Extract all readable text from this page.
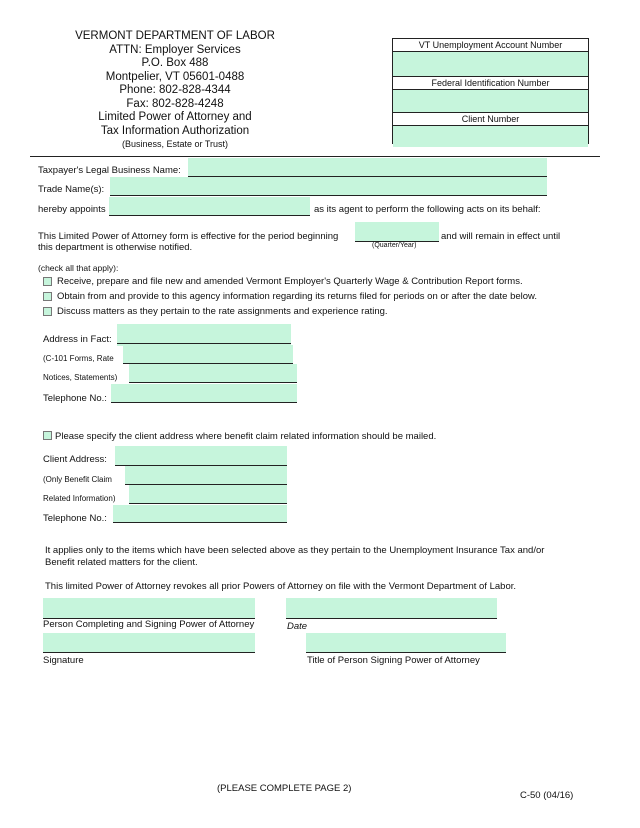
VERMONT DEPARTMENT OF LABOR
ATTN: Employer Services
P.O. Box 488
Montpelier, VT 05601-0488
Phone: 802-828-4344
Fax: 802-828-4248
Limited Power of Attorney and
Tax Information Authorization
(Business, Estate or Trust)
VT Unemployment Account Number
Federal Identification Number
Client Number
Taxpayer's Legal Business Name:
Trade Name(s):
hereby appoints	as its agent to perform the following acts on its behalf:
This Limited Power of Attorney form is effective for the period beginning	and will remain in effect until
this department is otherwise notified.	(Quarter/Year)
(check all that apply):
Receive, prepare and file new and amended Vermont Employer's Quarterly Wage & Contribution Report forms.
Obtain from and provide to this agency information regarding its returns filed for periods on or after the date below.
Discuss matters as they pertain to the rate assignments and experience rating.
Address in Fact:
(C-101 Forms, Rate
Notices, Statements)
Telephone No.:
Please specify the client address where benefit claim related information should be mailed.
Client Address:
(Only Benefit Claim
Related Information)
Telephone No.:
It applies only to the items which have been selected above as they pertain to the Unemployment Insurance Tax and/or
Benefit related matters for the client.
This limited Power of Attorney revokes all prior Powers of Attorney on file with the Vermont Department of Labor.
Person Completing and Signing Power of Attorney	Date
Signature	Title of Person Signing Power of Attorney
(PLEASE COMPLETE PAGE 2)
C-50 (04/16)
